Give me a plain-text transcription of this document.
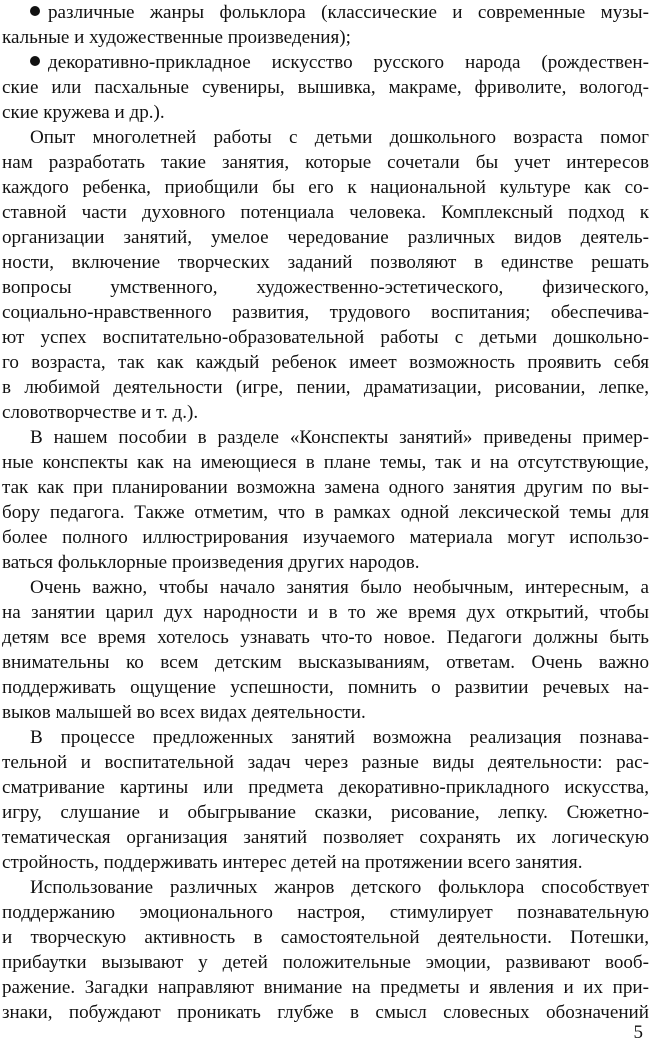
различные жанры фольклора (классические и современные музы-
кальные и художественные произведения);
декоративно-прикладное искусство русского народа (рождествен-
ские или пасхальные сувениры, вышивка, макраме, фриволите, вологод-
ские кружева и др.).
Опыт многолетней работы с детьми дошкольного возраста помог
нам разработать такие занятия, которые сочетали бы учет интересов
каждого ребенка, приобщили бы его к национальной культуре как со-
ставной части духовного потенциала человека. Комплексный подход к
организации занятий, умелое чередование различных видов деятель-
ности, включение творческих заданий позволяют в единстве решать
вопросы умственного, художественно-эстетического, физического,
социально-нравственного развития, трудового воспитания; обеспечива-
ют успех воспитательно-образовательной работы с детьми дошкольно-
го возраста, так как каждый ребенок имеет возможность проявить себя
в любимой деятельности (игре, пении, драматизации, рисовании, лепке,
словотворчестве и т. д.).
В нашем пособии в разделе «Конспекты занятий» приведены пример-
ные конспекты как на имеющиеся в плане темы, так и на отсутствующие,
так как при планировании возможна замена одного занятия другим по вы-
бору педагога. Также отметим, что в рамках одной лексической темы для
более полного иллюстрирования изучаемого материала могут использо-
ваться фольклорные произведения других народов.
Очень важно, чтобы начало занятия было необычным, интересным, а
на занятии царил дух народности и в то же время дух открытий, чтобы
детям все время хотелось узнавать что-то новое. Педагоги должны быть
внимательны ко всем детским высказываниям, ответам. Очень важно
поддерживать ощущение успешности, помнить о развитии речевых на-
выков малышей во всех видах деятельности.
В процессе предложенных занятий возможна реализация познава-
тельной и воспитательной задач через разные виды деятельности: рас-
сматривание картины или предмета декоративно-прикладного искусства,
игру, слушание и обыгрывание сказки, рисование, лепку. Сюжетно-
тематическая организация занятий позволяет сохранять их логическую
стройность, поддерживать интерес детей на протяжении всего занятия.
Использование различных жанров детского фольклора способствует
поддержанию эмоционального настроя, стимулирует познавательную
и творческую активность в самостоятельной деятельности. Потешки,
прибаутки вызывают у детей положительные эмоции, развивают вооб-
ражение. Загадки направляют внимание на предметы и явления и их при-
знаки, побуждают проникать глубже в смысл словесных обозначений
5
